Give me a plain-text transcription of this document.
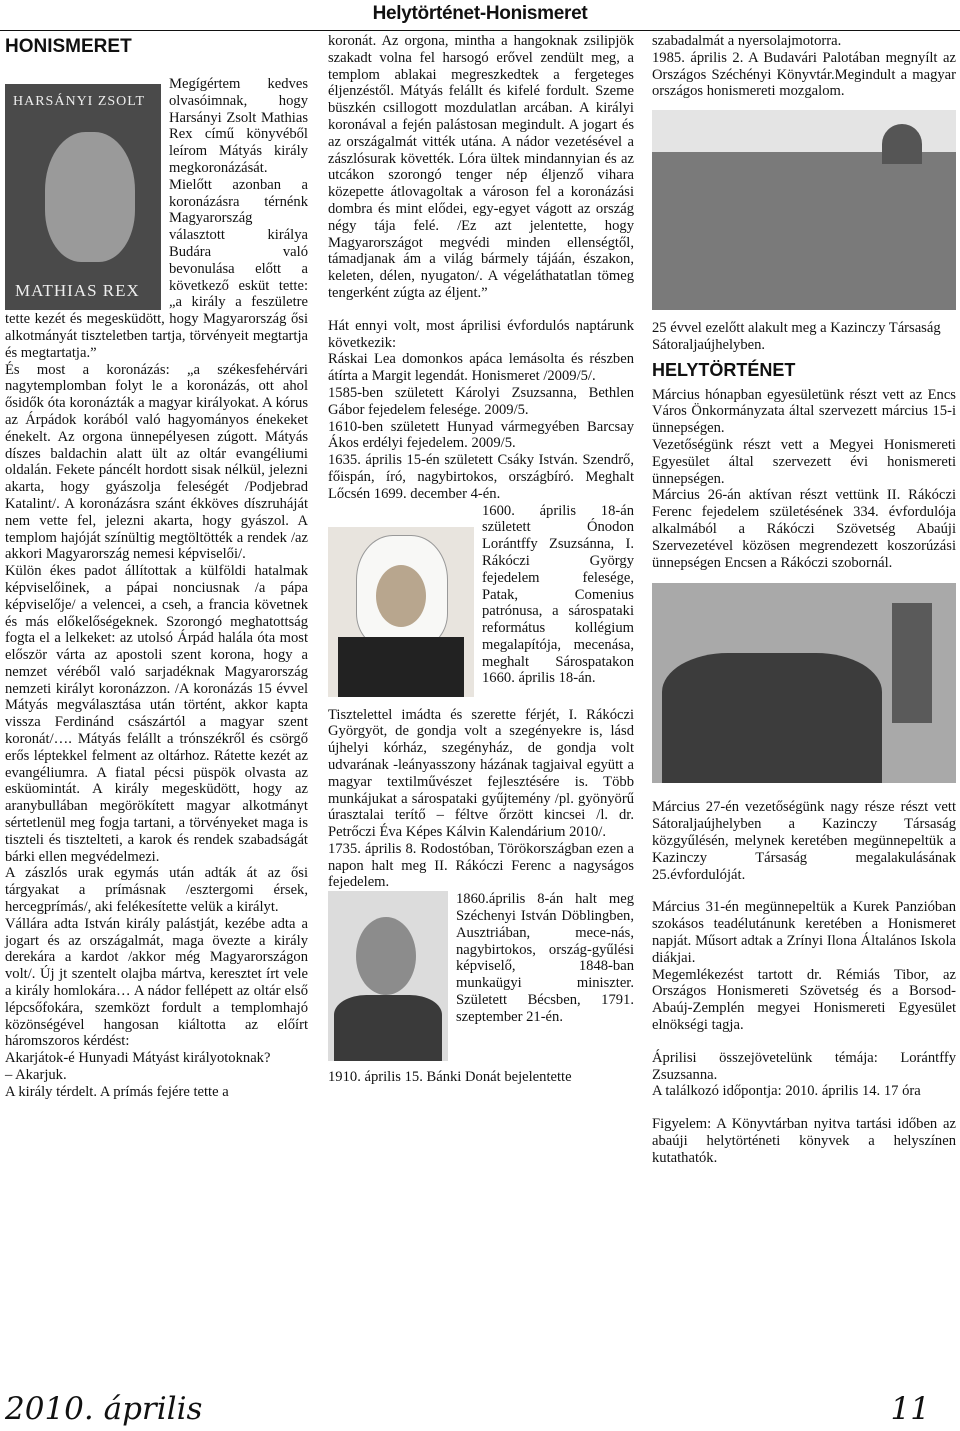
Helytörténet-Honismeret
HONISMERET
HARSÁNYI ZSOLT
MATHIAS REX

Megígértem kedves olvasóimnak, hogy Harsányi Zsolt Mathias Rex című könyvéből leírom Mátyás király megkoronázását.

Mielőtt azonban a koronázásra térnénk Magyarország választott királya Budára való bevonulása előtt a következő esküt tette: „a király a feszületre tette kezét és megesküdött, hogy Magyarország ősi alkotmányát tiszteletben tartja, törvényeit megtartja és megtartatja.”

És most a koronázás: „a székesfehérvári nagytemplomban folyt le a koronázás, ott ahol ősidők óta koronázták a magyar királyokat. A kórus az Árpádok korából való hagyományos énekeket énekelt. Az orgona ünnepélyesen zúgott. Mátyás díszes baldachin alatt ült az oltár evangéliumi oldalán. Fekete páncélt hordott sisak nélkül, jelezni akarta, hogy gyászolja feleségét /Podjebrad Katalint/. A koronázásra szánt ékköves díszruháját nem vette fel, jelezni akarta, hogy gyászol. A templom hajóját színültig megtöltötték a rendek /az akkori Magyarország nemesi képviselői/.

Külön ékes padot állítottak a külföldi hatalmak képviselőinek, a pápai nonciusnak /a pápa képviselője/ a velencei, a cseh, a francia követnek és más előkelőségeknek. Szorongó meghatottság fogta el a lelkeket: az utolsó Árpád halála óta most először várta az apostoli szent korona, hogy a nemzet véréből való sarjadéknak Magyarország nemzeti királyt koronázzon. /A koronázás 15 évvel Mátyás megválasztása után történt, akkor kapta vissza Ferdinánd császártól a magyar szent koronát/…. Mátyás felállt a trónszékről és csörgő erős léptekkel felment az oltárhoz. Rátette kezét az evangéliumra. A fiatal pécsi püspök olvasta az esküomintát. A király megesküdött, hogy az aranybullában megörökített magyar alkotmányt sértetlenül meg fogja tartani, a törvényeket maga is tiszteli és tisztelteti, a karok és rendek szabadságát bárki ellen megvédelmezi.

A zászlós urak egymás után adták át az ősi tárgyakat a prímásnak /esztergomi érsek, hercegprímás/, aki felékesítette velük a királyt.

Vállára adta István király palástját, kezébe adta a jogart és az országalmát, maga övezte a király derekára a kardot /akkor még Magyarországon volt/. Új jt szentelt olajba mártva, keresztet írt vele a király homlokára… A nádor fellépett az oltár első lépcsőfokára, szemközt fordult a templomhajó közönségével hangosan kiáltotta az előírt háromszoros kérdést:

Akarjátok-é Hunyadi Mátyást királyotoknak?

– Akarjuk.

A király térdelt. A prímás fejére tette a

koronát. Az orgona, mintha a hangoknak zsilipjök szakadt volna fel harsogó erővel zendült meg, a templom ablakai megreszkedtek a fergeteges éljenzéstől. Mátyás felállt és kifelé fordult. Szeme büszkén csillogott mozdulatlan arcában. A királyi koronával a fején palástosan megindult. A jogart és az országalmát vitték utána. A nádor vezetésével a zászlósurak követték. Lóra ültek mindannyian és az utcákon szorongó tenger nép éljenző vihara közepette átlovagoltak a városon fel a koronázási dombra és mint elődei, egy-egyet vágott az ország négy tája felé. /Ez azt jelentette, hogy Magyarországot megvédi minden ellenségtől, támadjanak ám a világ bármely tájáán, északon, keleten, délen, nyugaton/. A végeláthatatlan tömeg tengerként zúgta az éljent.”

Hát ennyi volt, most áprilisi évfordulós naptárunk következik:

Ráskai Lea domonkos apáca lemásolta és részben átírta a Margit legendát. Honismeret /2009/5/.

1585-ben született Károlyi Zsuzsanna, Bethlen Gábor fejedelem felesége. 2009/5.

1610-ben született Hunyad vármegyében Barcsay Ákos erdélyi fejedelem. 2009/5.

1635. április 15-én született Csáky István. Szendrő, főispán, író, nagybirtokos, országbíró. Meghalt Lőcsén 1699. december 4-én.

1600. április 18-án született Ónodon Lorántffy Zsuzsánna, I. Rákóczi György fejedelem felesége, Patak, Comenius patrónusa, a sárospataki református kollégium megalapítója, mecenása, meghalt Sárospatakon 1660. április 18-án.

Tisztelettel imádta és szerette férjét, I. Rákóczi Györgyöt, de gondja volt a szegényekre is, lásd újhelyi kórház, szegényház, de gondja volt udvarának -leányasszony házának tagjaival együtt a magyar textilművészet fejlesztésére is. Több munkájukat a sárospataki gyűjtemény /pl. gyönyörű úrasztalai terítő – féltve őrzött kincsei /l. dr. Petrőczi Éva Képes Kálvin Kalendárium 2010/.

1735. április 8. Rodostóban, Törökországban ezen a napon halt meg II. Rákóczi Ferenc a nagyságos fejedelem.

1860.április 8-án halt meg Széchenyi István Döblingben, Ausztriában, mece-nás, nagybirtokos, ország-gyűlési képviselő, 1848-ban munkaügyi miniszter. Született Bécsben, 1791. szeptember 21-én.

1910. április 15. Bánki Donát bejelentette

szabadalmát a nyersolajmotorra.

1985. április 2. A Budavári Palotában megnyílt az Országos Széchényi Könyvtár.Megindult a magyar országos honismereti mozgalom.

25 évvel ezelőtt alakult meg a Kazinczy Társaság Sátoraljaújhelyben.

HELYTÖRTÉNET

Március hónapban egyesületünk részt vett az Encs Város Önkormányzata által szervezett március 15-i ünnepségen.

Vezetőségünk részt vett a Megyei Honismereti Egyesület által szervezett évi honismereti ünnepségen.

Március 26-án aktívan részt vettünk II. Rákóczi Ferenc fejedelem születésének 334. évfordulója alkalmából a Rákóczi Szövetség Abaúji Szervezetével közösen megrendezett koszorúzási ünnepségen Encsen a Rákóczi szobornál.

Március 27-én vezetőségünk nagy része részt vett Sátoraljaújhelyben a Kazinczy Társaság közgyűlésén, melynek keretében megünnepeltük a Kazinczy Társaság megalakulásának 25.évfordulóját.

Március 31-én megünnepeltük a Kurek Panzióban szokásos teadélutánunk keretében a Honismeret napját. Műsort adtak a Zrínyi Ilona Általános Iskola diákjai.

Megemlékezést tartott dr. Rémiás Tibor, az Országos Honismereti Szövetség és a Borsod-Abaúj-Zemplén megyei Honismereti Egyesület elnökségi tagja.

Áprilisi összejövetelünk témája: Lorántffy Zsuzsanna.

A találkozó időpontja: 2010. április 14. 17 óra

Figyelem: A Könyvtárban nyitva tartási időben az abaúji helytörténeti könyvek a helyszínen kutathatók.

2010. április	11
